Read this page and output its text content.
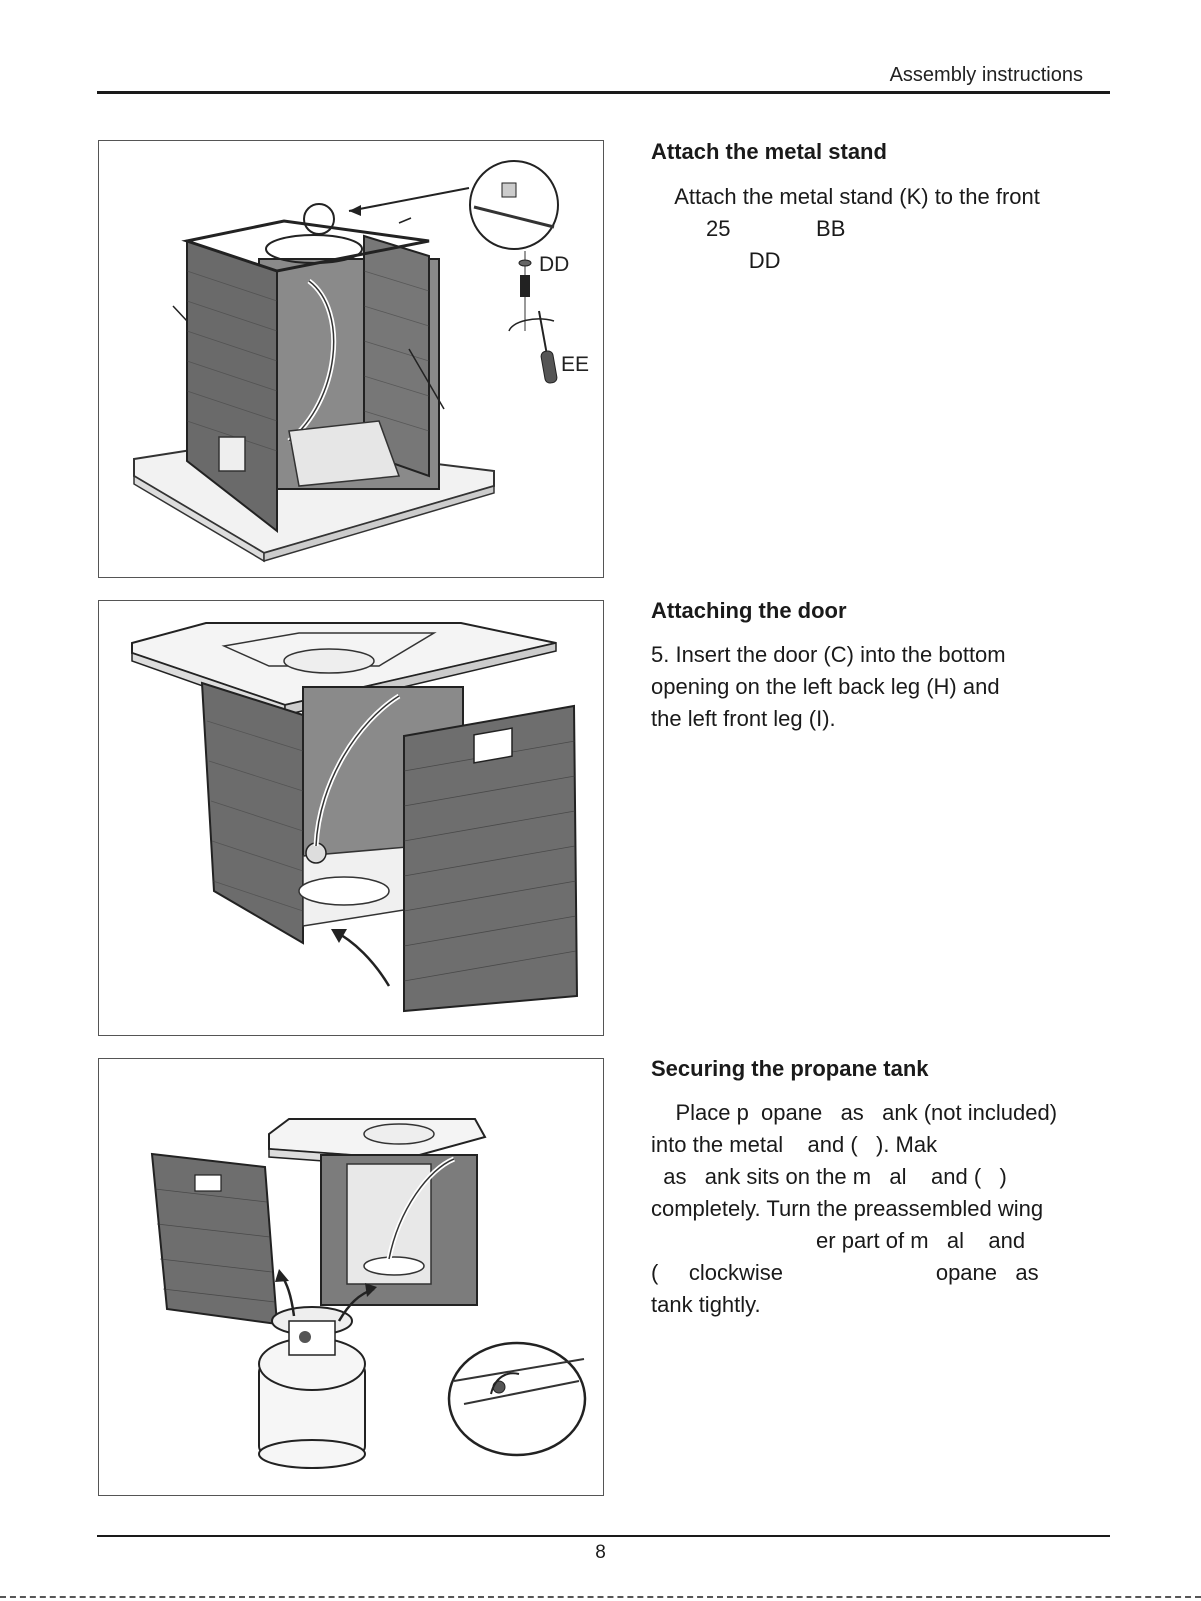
Assembly instructions
DD
EE
Attach the metal stand

Attach the metal stand (K) to the front

25              BB

DD

Attaching the door

5. Insert the door (C) into the bottom

opening on the left back leg (H) and

the left front leg (I).

Securing the propane tank

Place p  opane   as   ank (not included)

into the metal    and (   ). Mak

as   ank sits on the m   al    and (   )

completely. Turn the preassembled wing

er part of m   al    and

(     clockwise                         opane   as

tank tightly.

8
